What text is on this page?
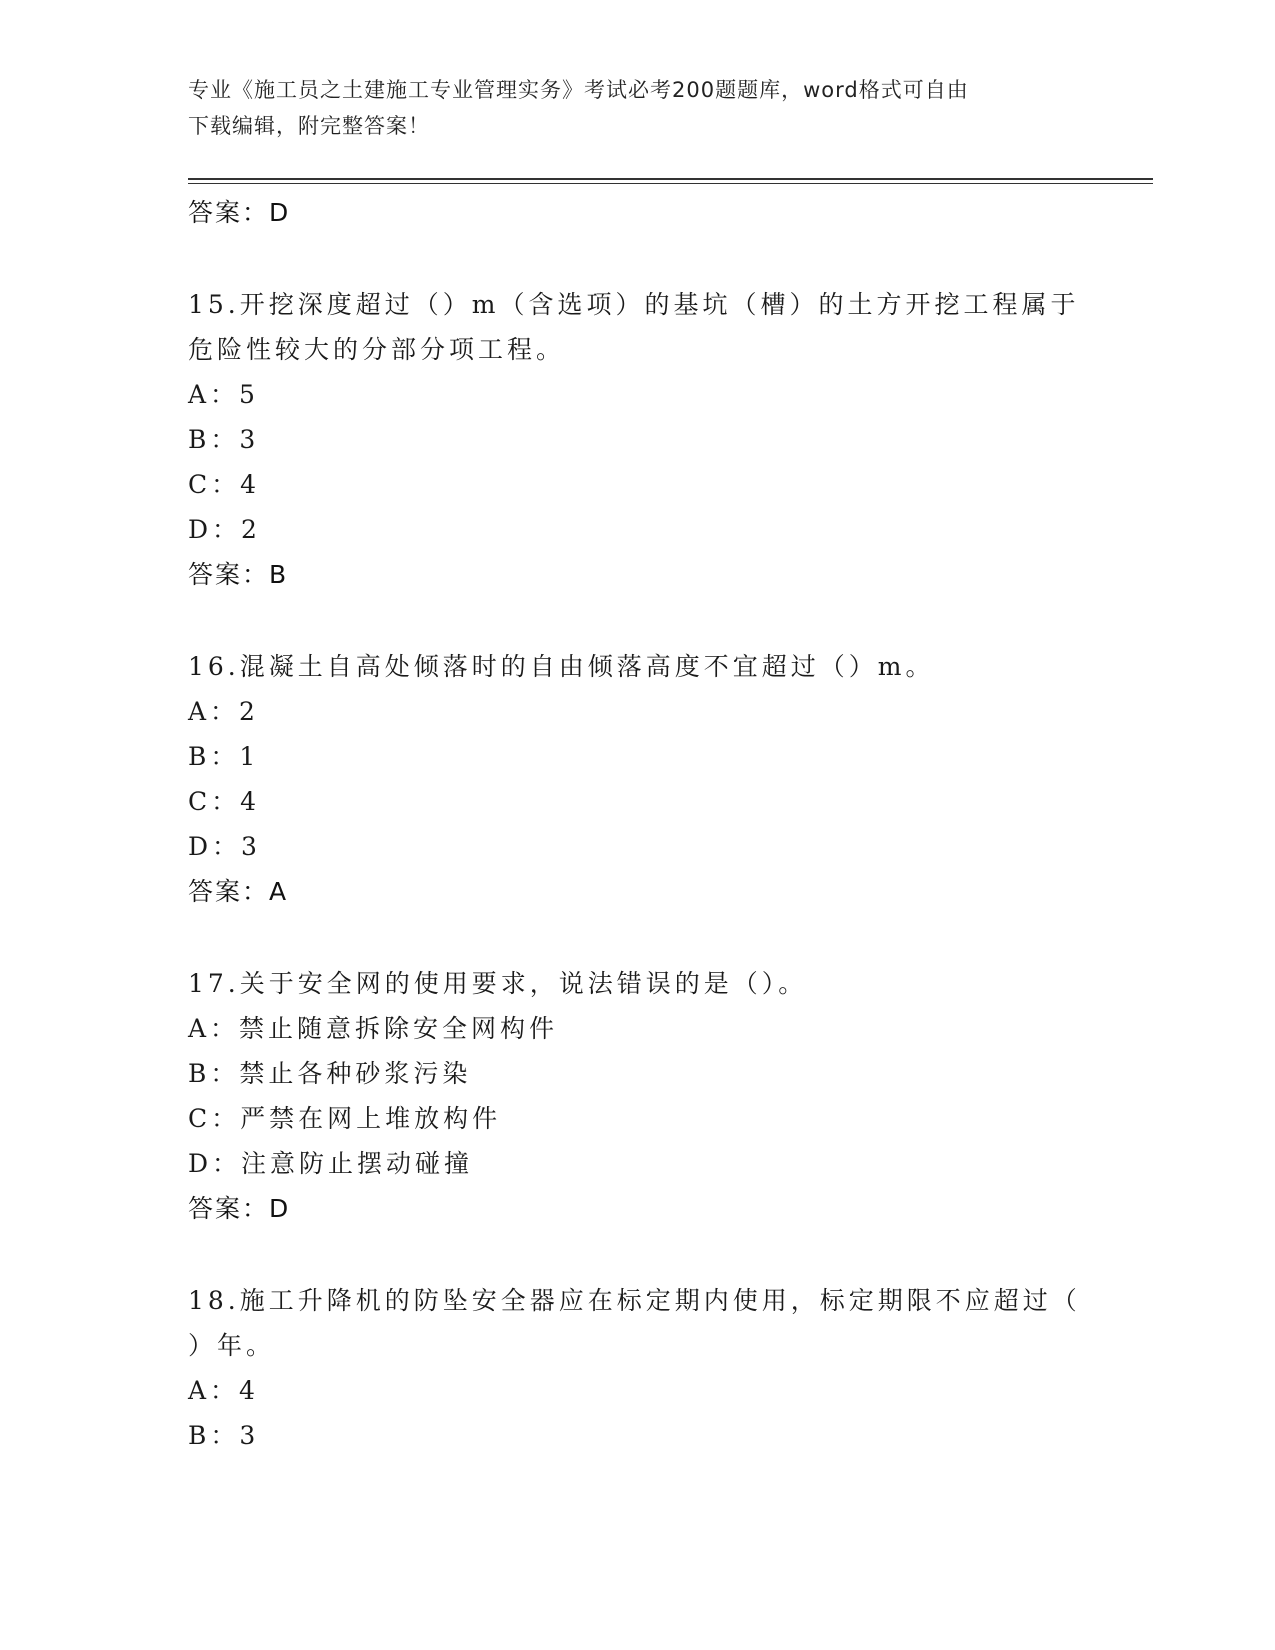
专业《施工员之土建施工专业管理实务》考试必考200题题库，word格式可自由
下载编辑，附完整答案！
答案：D
15.开挖深度超过（）m（含选项）的基坑（槽）的土方开挖工程属于
危险性较大的分部分项工程。
A：5
B：3
C：4
D：2
答案：B
16.混凝土自高处倾落时的自由倾落高度不宜超过（）m。
A：2
B：1
C：4
D：3
答案：A
17.关于安全网的使用要求，说法错误的是（）。
A：禁止随意拆除安全网构件
B：禁止各种砂浆污染
C：严禁在网上堆放构件
D：注意防止摆动碰撞
答案：D
18.施工升降机的防坠安全器应在标定期内使用，标定期限不应超过（
）年。
A：4
B：3
